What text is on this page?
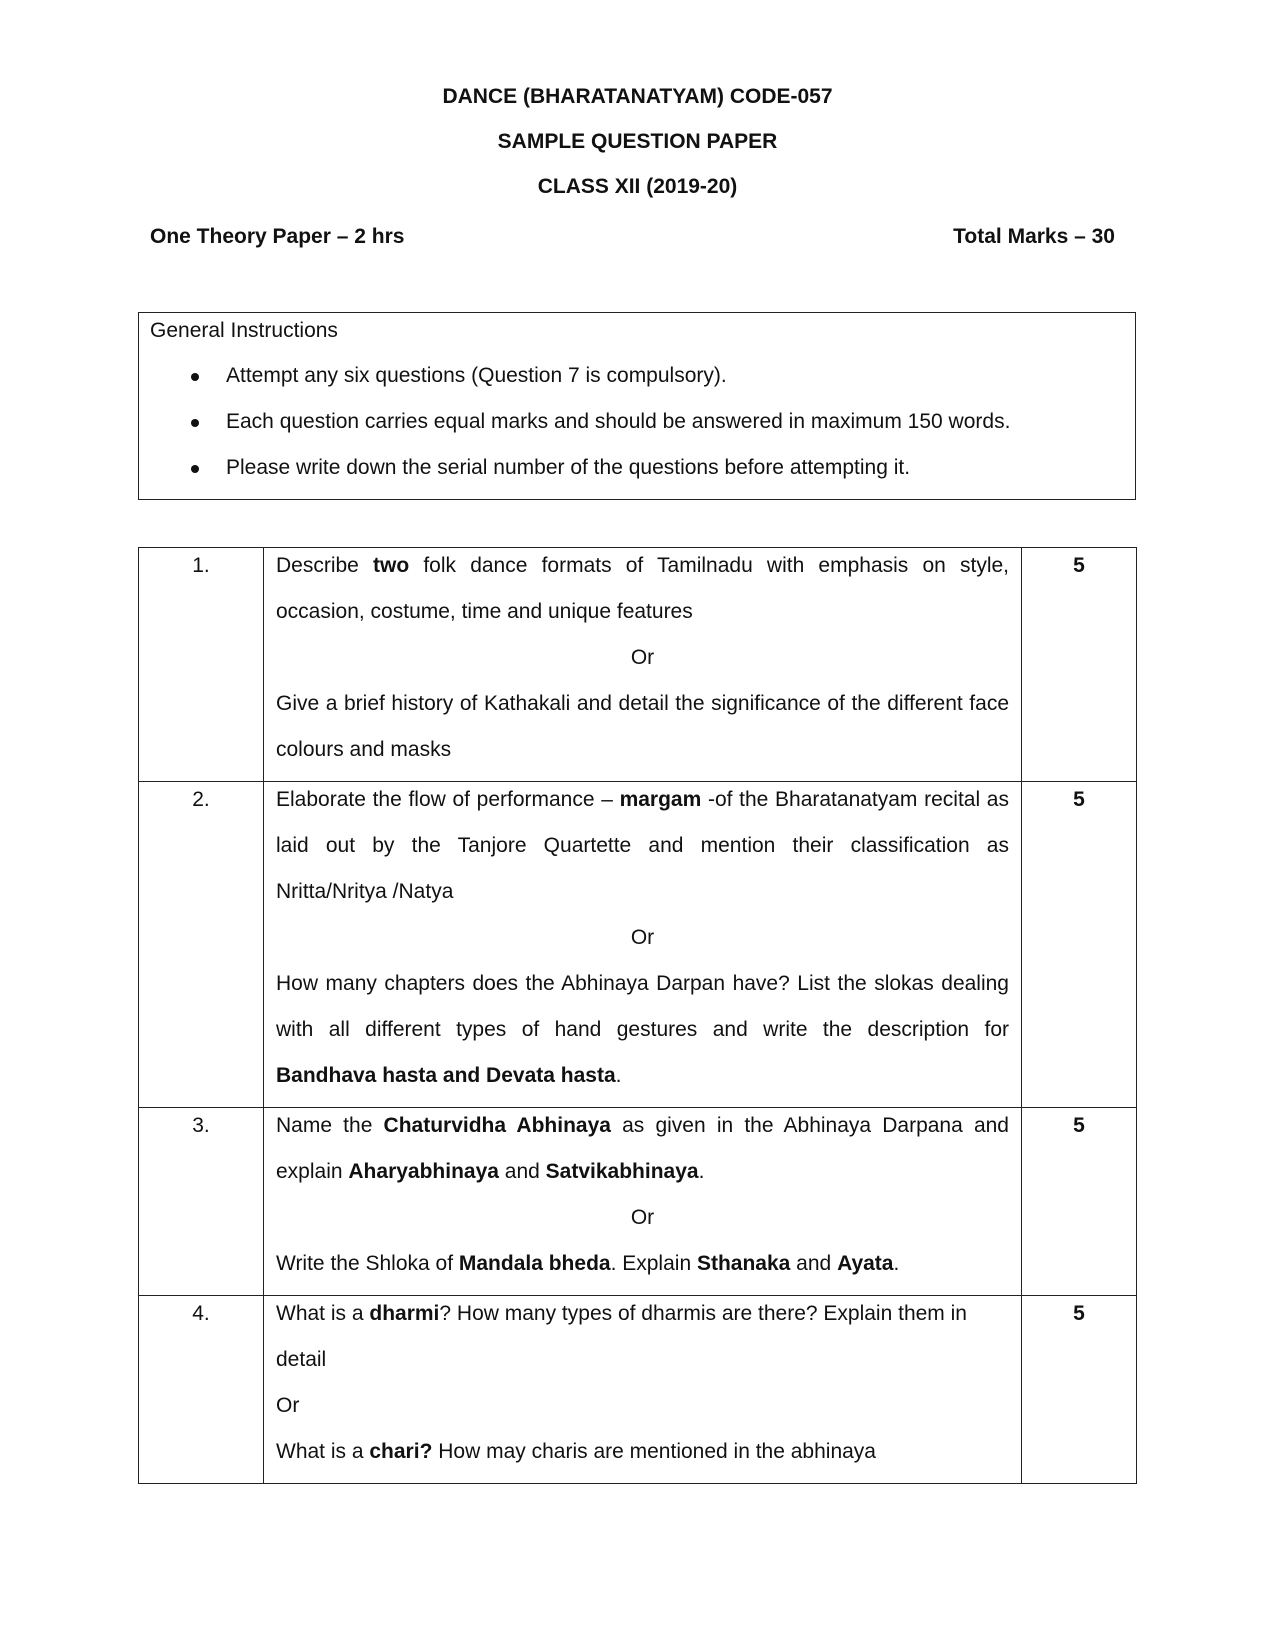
DANCE (BHARATANATYAM) CODE-057
SAMPLE QUESTION PAPER
CLASS XII (2019-20)
One Theory Paper – 2 hrs	Total Marks – 30
General Instructions
Attempt any six questions (Question 7 is compulsory).
Each question carries equal marks and should be answered in maximum 150 words.
Please write down the serial number of the questions before attempting it.
1.	Describe two folk dance formats of Tamilnadu with emphasis on style, occasion, costume, time and unique features
Or
Give a brief history of Kathakali and detail the significance of the different face colours and masks	5
2.	Elaborate the flow of performance – margam -of the Bharatanatyam recital as laid out by the Tanjore Quartette and mention their classification as Nritta/Nritya /Natya
Or
How many chapters does the Abhinaya Darpan have? List the slokas dealing with all different types of hand gestures and write the description for Bandhava hasta and Devata hasta.	5
3.	Name the Chaturvidha Abhinaya as given in the Abhinaya Darpana and explain Aharyabhinaya and Satvikabhinaya.
Or
Write the Shloka of Mandala bheda. Explain Sthanaka and Ayata.	5
4.	What is a dharmi? How many types of dharmis are there? Explain them in detail
Or
What is a chari? How may charis are mentioned in the abhinaya	5
